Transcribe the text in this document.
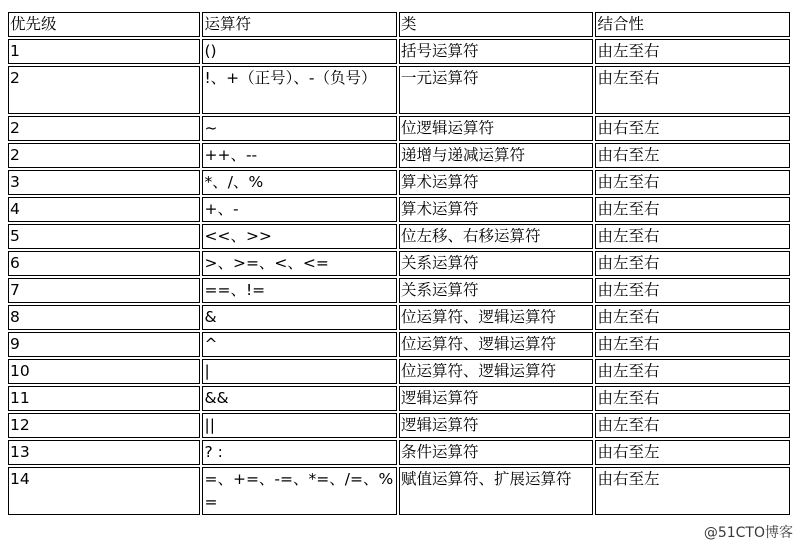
优先级	运算符	类	结合性
1	()	括号运算符	由左至右
2	!、+（正号）、-（负号）	一元运算符	由左至右
2	~	位逻辑运算符	由右至左
2	++、--	递增与递减运算符	由右至左
3	*、/、%	算术运算符	由左至右
4	+、-	算术运算符	由左至右
5	<<、>>	位左移、右移运算符	由左至右
6	>、>=、<、<=	关系运算符	由左至右
7	==、!=	关系运算符	由左至右
8	&	位运算符、逻辑运算符	由左至右
9	^	位运算符、逻辑运算符	由左至右
10	|	位运算符、逻辑运算符	由左至右
11	&&	逻辑运算符	由左至右
12	||	逻辑运算符	由左至右
13	? :	条件运算符	由右至左
14	=、+=、-=、*=、/=、%=	赋值运算符、扩展运算符	由右至左
@51CTO博客
